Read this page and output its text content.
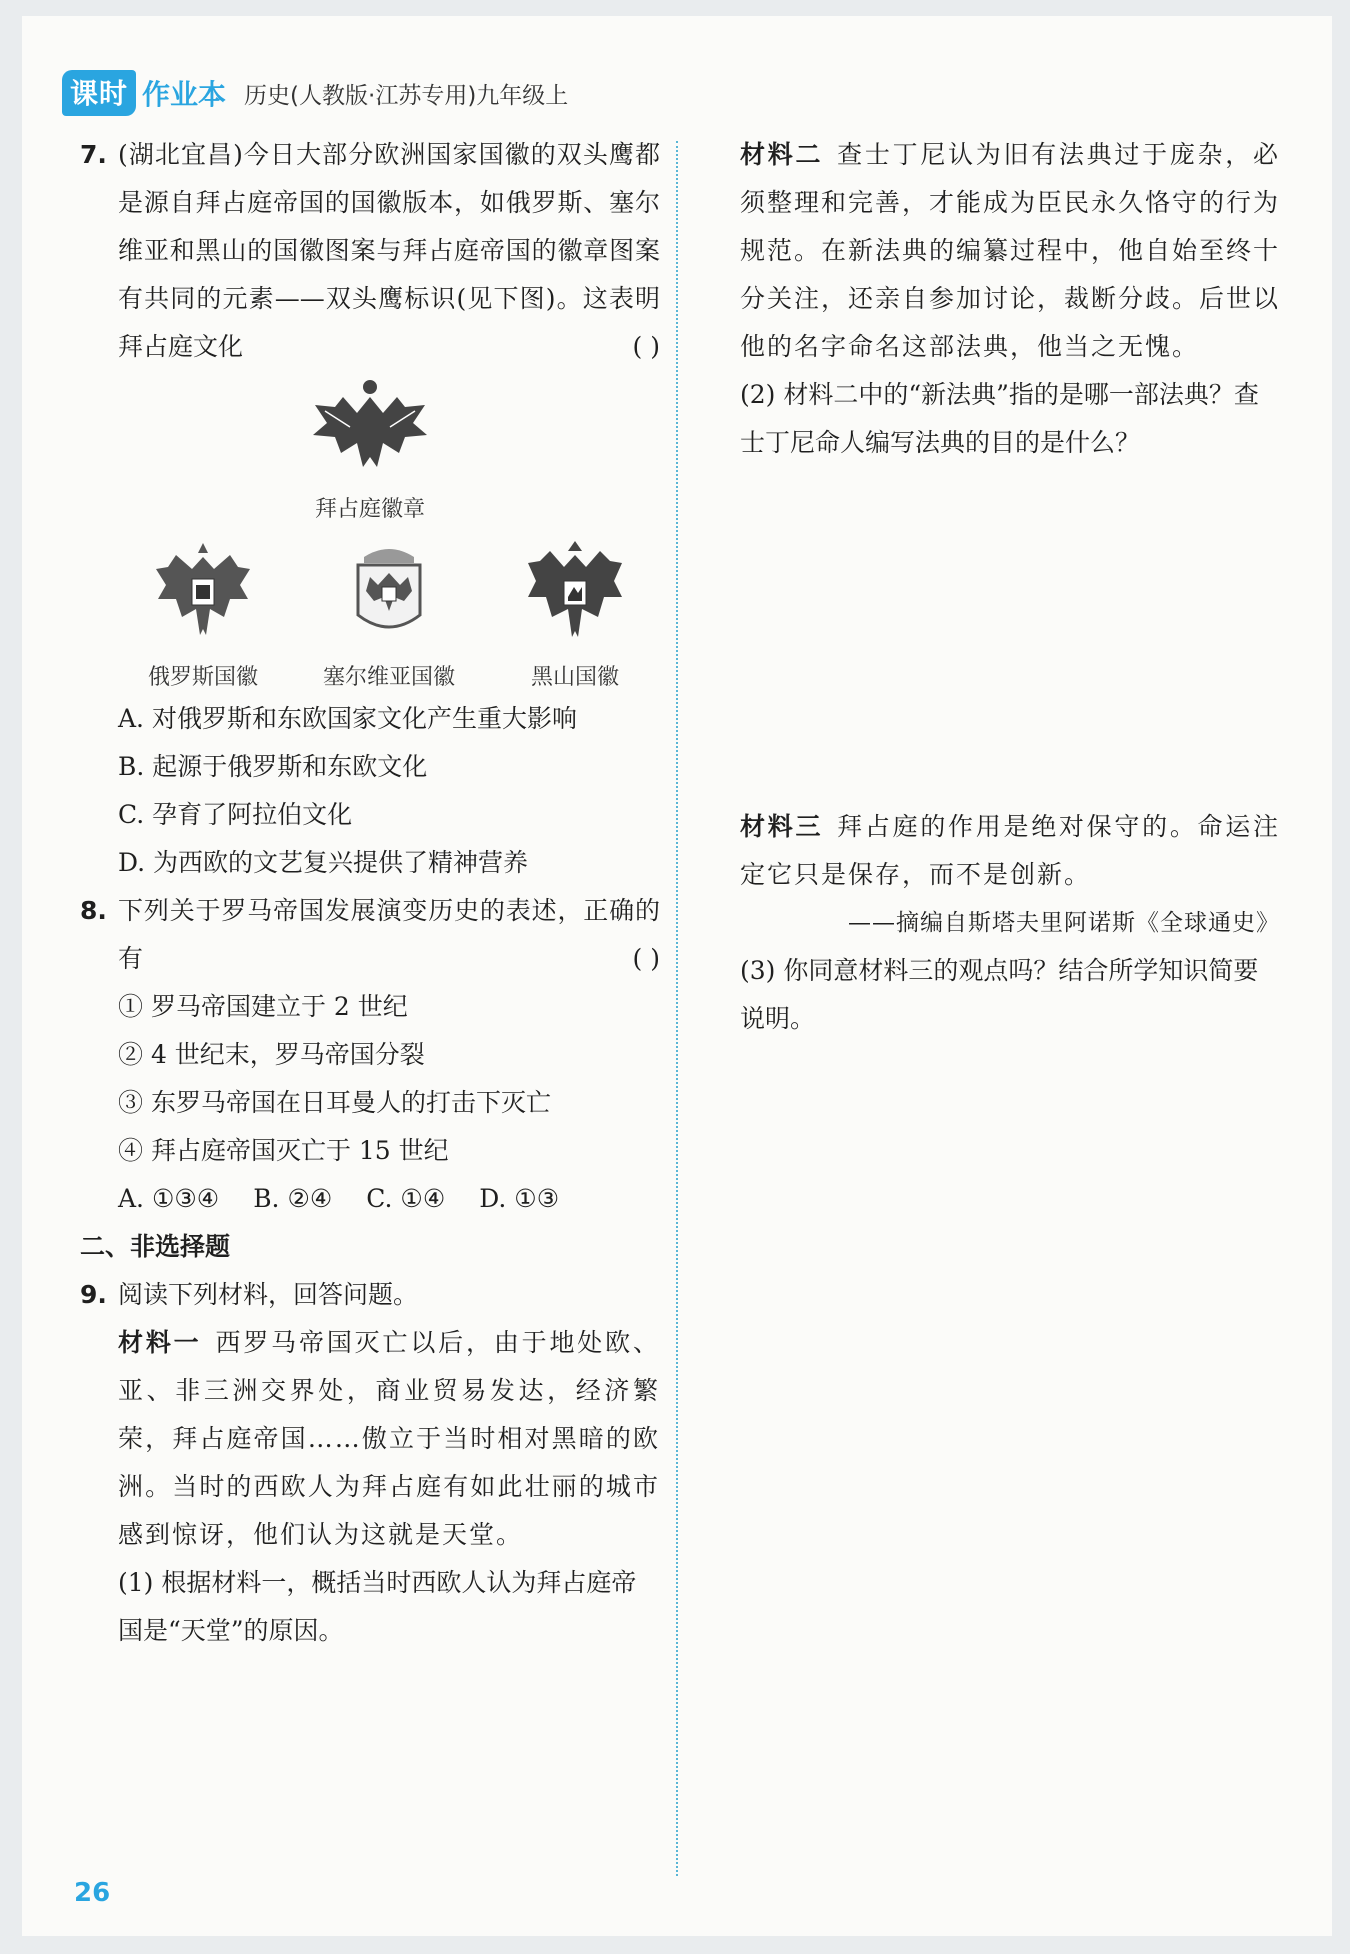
课时 作业本 历史(人教版·江苏专用)九年级上
7. (湖北宜昌)今日大部分欧洲国家国徽的双头鹰都是源自拜占庭帝国的国徽版本，如俄罗斯、塞尔维亚和黑山的国徽图案与拜占庭帝国的徽章图案有共同的元素——双头鹰标识(见下图)。这表明拜占庭文化	( )
拜占庭徽章
俄罗斯国徽	塞尔维亚国徽	黑山国徽
A. 对俄罗斯和东欧国家文化产生重大影响
B. 起源于俄罗斯和东欧文化
C. 孕育了阿拉伯文化
D. 为西欧的文艺复兴提供了精神营养
8. 下列关于罗马帝国发展演变历史的表述，正确的有	( )
① 罗马帝国建立于 2 世纪
② 4 世纪末，罗马帝国分裂
③ 东罗马帝国在日耳曼人的打击下灭亡
④ 拜占庭帝国灭亡于 15 世纪
A. ①③④ B. ②④ C. ①④ D. ①③
二、非选择题
9. 阅读下列材料，回答问题。
材料一 西罗马帝国灭亡以后，由于地处欧、亚、非三洲交界处，商业贸易发达，经济繁荣，拜占庭帝国……傲立于当时相对黑暗的欧洲。当时的西欧人为拜占庭有如此壮丽的城市感到惊讶，他们认为这就是天堂。
(1) 根据材料一，概括当时西欧人认为拜占庭帝国是“天堂”的原因。
材料二 查士丁尼认为旧有法典过于庞杂，必须整理和完善，才能成为臣民永久恪守的行为规范。在新法典的编纂过程中，他自始至终十分关注，还亲自参加讨论，裁断分歧。后世以他的名字命名这部法典，他当之无愧。
(2) 材料二中的“新法典”指的是哪一部法典？查士丁尼命人编写法典的目的是什么？
材料三 拜占庭的作用是绝对保守的。命运注定它只是保存，而不是创新。
——摘编自斯塔夫里阿诺斯《全球通史》
(3) 你同意材料三的观点吗？结合所学知识简要说明。
26
